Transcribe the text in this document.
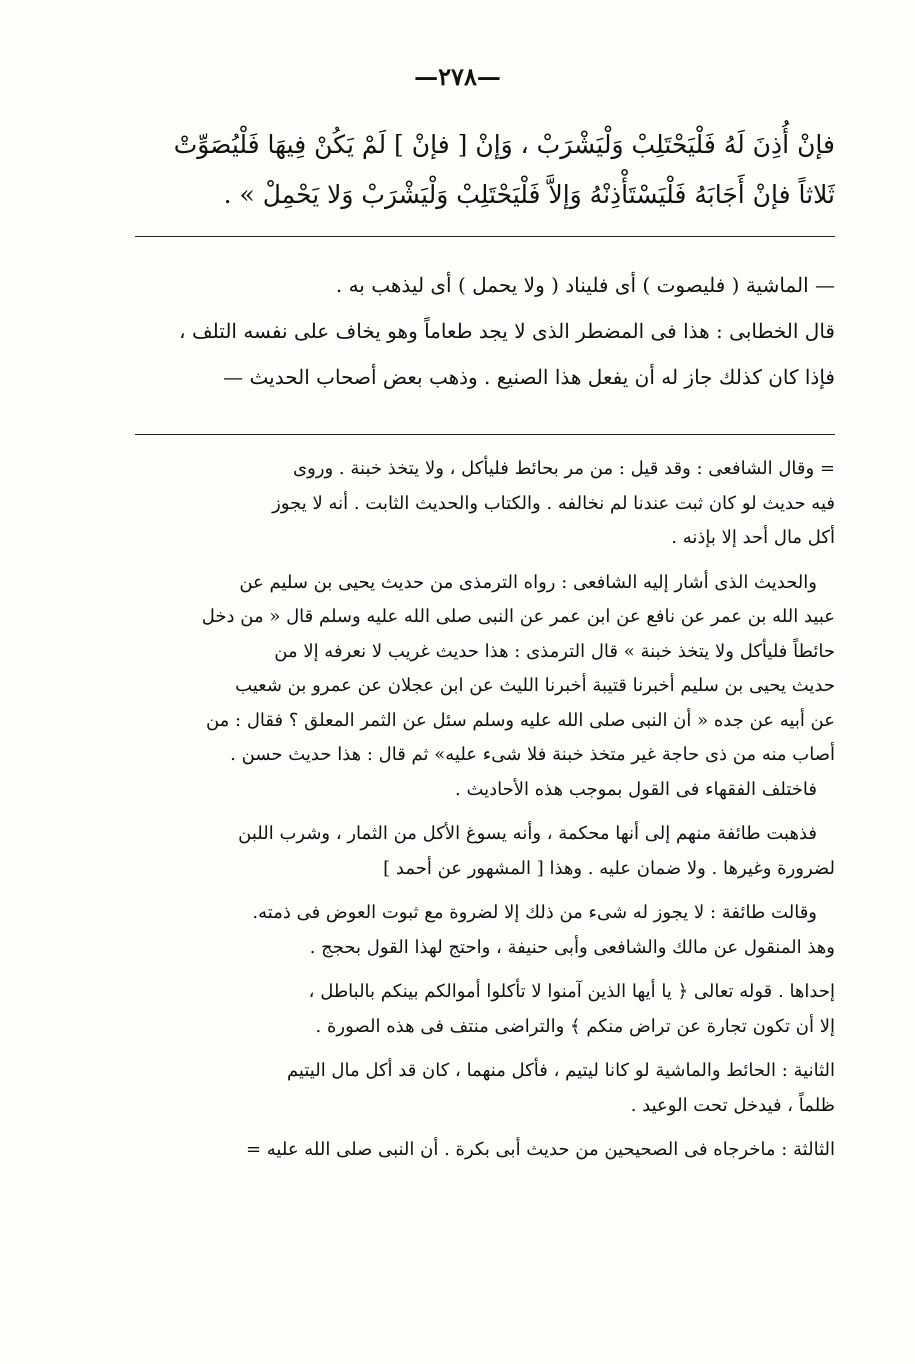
—٢٧٨—

فإنْ أُذِنَ لَهُ فَلْيَحْتَلِبْ وَلْيَشْرَبْ ، وَإنْ [ فإنْ ] لَمْ يَكُنْ فِيهَا فَلْيُصَوِّتْ

ثَلاثاً فإنْ أَجَابَهُ فَلْيَسْتَأْذِنْهُ وَإلاَّ فَلْيَحْتَلِبْ وَلْيَشْرَبْ وَلا يَحْمِلْ » .

— الماشية ( فليصوت ) أى فليناد ( ولا يحمل ) أى ليذهب به .

قال الخطابى : هذا فى المضطر الذى لا يجد طعاماً وهو يخاف على نفسه التلف ،

فإذا كان كذلك جاز له أن يفعل هذا الصنيع . وذهب بعض أصحاب الحديث —

= وقال الشافعى : وقد قيل : من مر بحائط فليأكل ، ولا يتخذ خبنة . وروى
فيه حديث لو كان ثبت عندنا لم نخالفه . والكتاب والحديث الثابت . أنه لا يجوز
أكل مال أحد إلا بإذنه .
والحديث الذى أشار إليه الشافعى : رواه الترمذى من حديث يحيى بن سليم عن
عبيد الله بن عمر عن نافع عن ابن عمر عن النبى صلى الله عليه وسلم قال « من دخل
حائطاً فليأكل ولا يتخذ خبنة » قال الترمذى : هذا حديث غريب لا نعرفه إلا من
حديث يحيى بن سليم أخبرنا قتيبة أخبرنا الليث عن ابن عجلان عن عمرو بن شعيب
عن أبيه عن جده « أن النبى صلى الله عليه وسلم سئل عن الثمر المعلق ؟ فقال : من
أصاب منه من ذى حاجة غير متخذ خبنة فلا شىء عليه» ثم قال : هذا حديث حسن .
فاختلف الفقهاء فى القول بموجب هذه الأحاديث .
فذهبت طائفة منهم إلى أنها محكمة ، وأنه يسوغ الأكل من الثمار ، وشرب اللبن
لضرورة وغيرها . ولا ضمان عليه . وهذا [ المشهور عن أحمد ]
وقالت طائفة : لا يجوز له شىء من ذلك إلا لضروة مع ثبوت العوض فى ذمته.
وهذ المنقول عن مالك والشافعى وأبى حنيفة ، واحتج لهذا القول بحجج .
إحداها . قوله تعالى ﴿ يا أيها الذين آمنوا لا تأكلوا أموالكم بينكم بالباطل ،
إلا أن تكون تجارة عن تراض منكم ﴾ والتراضى منتف فى هذه الصورة .
الثانية : الحائط والماشية لو كانا ليتيم ، فأكل منهما ، كان قد أكل مال اليتيم
ظلماً ، فيدخل تحت الوعيد .
الثالثة : ماخرجاه فى الصحيحين من حديث أبى بكرة . أن النبى صلى الله عليه =
